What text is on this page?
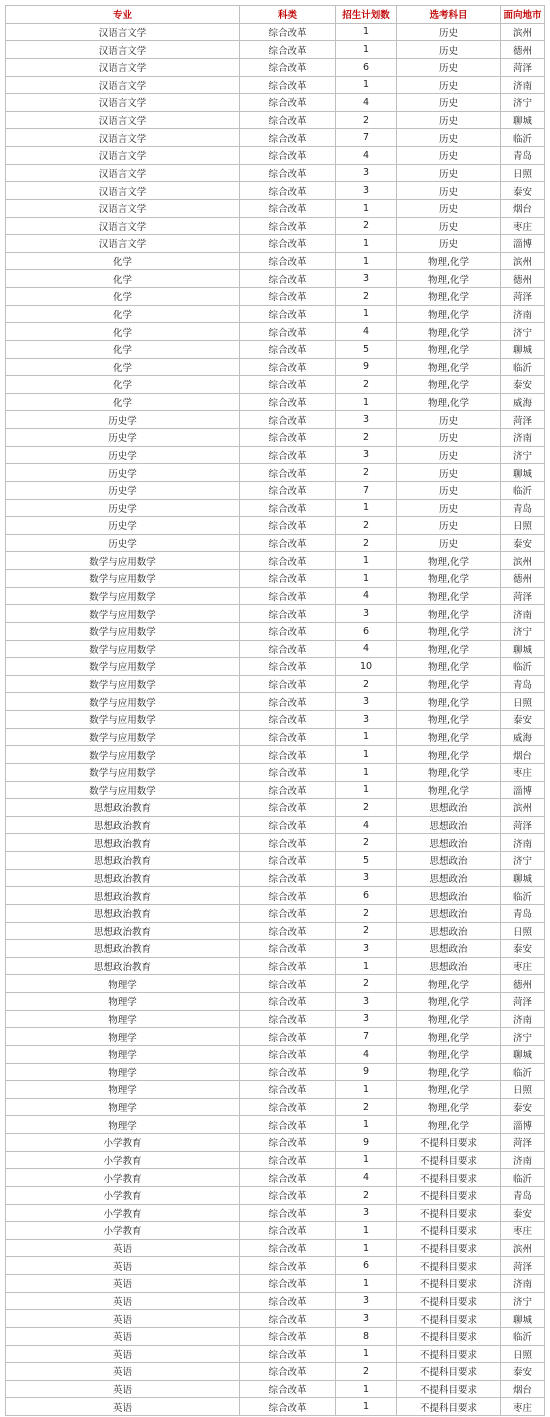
专业	科类	招生计划数	选考科目	面向地市
汉语言文学	综合改革	1	历史	滨州
汉语言文学	综合改革	1	历史	德州
汉语言文学	综合改革	6	历史	菏泽
汉语言文学	综合改革	1	历史	济南
汉语言文学	综合改革	4	历史	济宁
汉语言文学	综合改革	2	历史	聊城
汉语言文学	综合改革	7	历史	临沂
汉语言文学	综合改革	4	历史	青岛
汉语言文学	综合改革	3	历史	日照
汉语言文学	综合改革	3	历史	泰安
汉语言文学	综合改革	1	历史	烟台
汉语言文学	综合改革	2	历史	枣庄
汉语言文学	综合改革	1	历史	淄博
化学	综合改革	1	物理,化学	滨州
化学	综合改革	3	物理,化学	德州
化学	综合改革	2	物理,化学	菏泽
化学	综合改革	1	物理,化学	济南
化学	综合改革	4	物理,化学	济宁
化学	综合改革	5	物理,化学	聊城
化学	综合改革	9	物理,化学	临沂
化学	综合改革	2	物理,化学	泰安
化学	综合改革	1	物理,化学	威海
历史学	综合改革	3	历史	菏泽
历史学	综合改革	2	历史	济南
历史学	综合改革	3	历史	济宁
历史学	综合改革	2	历史	聊城
历史学	综合改革	7	历史	临沂
历史学	综合改革	1	历史	青岛
历史学	综合改革	2	历史	日照
历史学	综合改革	2	历史	泰安
数学与应用数学	综合改革	1	物理,化学	滨州
数学与应用数学	综合改革	1	物理,化学	德州
数学与应用数学	综合改革	4	物理,化学	菏泽
数学与应用数学	综合改革	3	物理,化学	济南
数学与应用数学	综合改革	6	物理,化学	济宁
数学与应用数学	综合改革	4	物理,化学	聊城
数学与应用数学	综合改革	10	物理,化学	临沂
数学与应用数学	综合改革	2	物理,化学	青岛
数学与应用数学	综合改革	3	物理,化学	日照
数学与应用数学	综合改革	3	物理,化学	泰安
数学与应用数学	综合改革	1	物理,化学	威海
数学与应用数学	综合改革	1	物理,化学	烟台
数学与应用数学	综合改革	1	物理,化学	枣庄
数学与应用数学	综合改革	1	物理,化学	淄博
思想政治教育	综合改革	2	思想政治	滨州
思想政治教育	综合改革	4	思想政治	菏泽
思想政治教育	综合改革	2	思想政治	济南
思想政治教育	综合改革	5	思想政治	济宁
思想政治教育	综合改革	3	思想政治	聊城
思想政治教育	综合改革	6	思想政治	临沂
思想政治教育	综合改革	2	思想政治	青岛
思想政治教育	综合改革	2	思想政治	日照
思想政治教育	综合改革	3	思想政治	泰安
思想政治教育	综合改革	1	思想政治	枣庄
物理学	综合改革	2	物理,化学	德州
物理学	综合改革	3	物理,化学	菏泽
物理学	综合改革	3	物理,化学	济南
物理学	综合改革	7	物理,化学	济宁
物理学	综合改革	4	物理,化学	聊城
物理学	综合改革	9	物理,化学	临沂
物理学	综合改革	1	物理,化学	日照
物理学	综合改革	2	物理,化学	泰安
物理学	综合改革	1	物理,化学	淄博
小学教育	综合改革	9	不提科目要求	菏泽
小学教育	综合改革	1	不提科目要求	济南
小学教育	综合改革	4	不提科目要求	临沂
小学教育	综合改革	2	不提科目要求	青岛
小学教育	综合改革	3	不提科目要求	泰安
小学教育	综合改革	1	不提科目要求	枣庄
英语	综合改革	1	不提科目要求	滨州
英语	综合改革	6	不提科目要求	菏泽
英语	综合改革	1	不提科目要求	济南
英语	综合改革	3	不提科目要求	济宁
英语	综合改革	3	不提科目要求	聊城
英语	综合改革	8	不提科目要求	临沂
英语	综合改革	1	不提科目要求	日照
英语	综合改革	2	不提科目要求	泰安
英语	综合改革	1	不提科目要求	烟台
英语	综合改革	1	不提科目要求	枣庄
